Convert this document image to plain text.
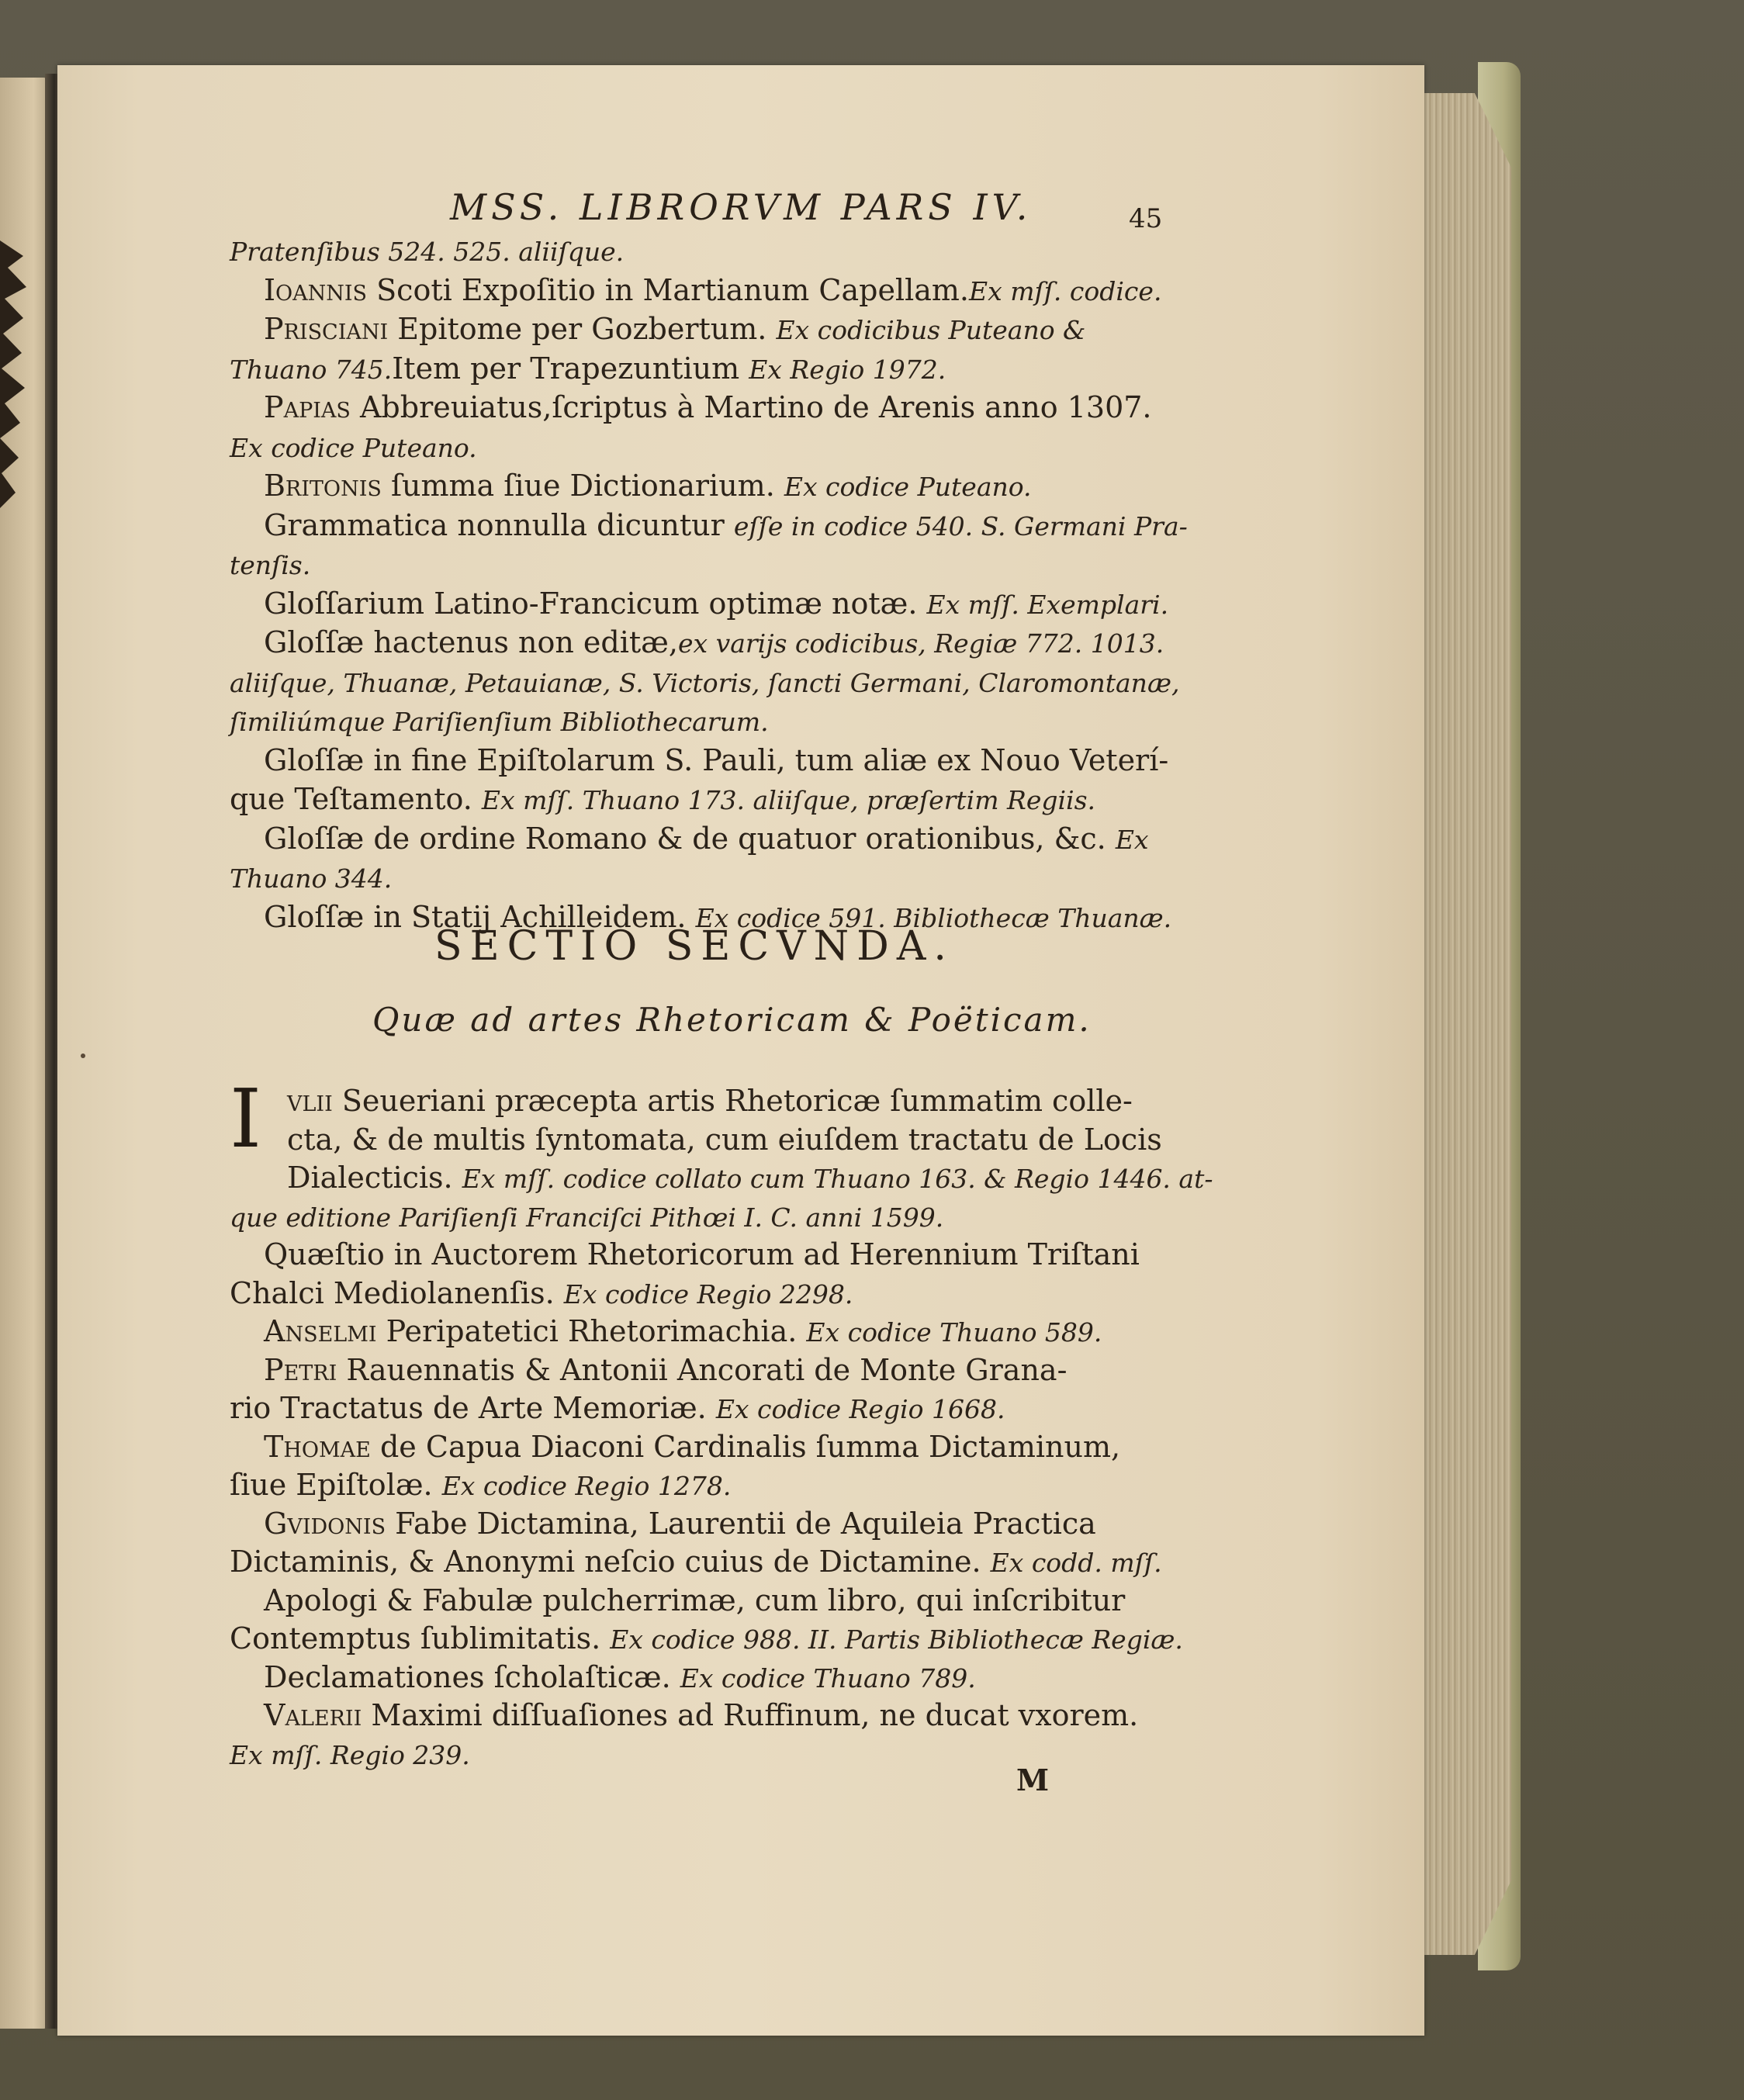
MSS. LIBRORVM PARS IV.	45
Pratenſibus 524. 525. aliiſque.
Ioannis Scoti Expoſitio in Martianum Capellam.Ex mſſ. codice.
Prisciani Epitome per Gozbertum. Ex codicibus Puteano &
Thuano 745.Item per Trapezuntium Ex Regio 1972.
Papias Abbreuiatus,ſcriptus à Martino de Arenis anno 1307.
Ex codice Puteano.
Britonis ſumma ſiue Dictionarium. Ex codice Puteano.
Grammatica nonnulla dicuntur eſſe in codice 540. S. Germani Pra-
tenſis.
Gloſſarium Latino-Francicum optimæ notæ. Ex mſſ. Exemplari.
Gloſſæ hactenus non editæ,ex varijs codicibus, Regiæ 772. 1013.
aliiſque, Thuanæ, Petauianæ, S. Victoris, ſancti Germani, Claromontanæ,
ſimiliúmque Pariſienſium Bibliothecarum.
Gloſſæ in fine Epiſtolarum S. Pauli, tum aliæ ex Nouo Veterí-
que Teſtamento. Ex mſſ. Thuano 173. aliiſque, præſertim Regiis.
Gloſſæ de ordine Romano & de quatuor orationibus, &c. Ex
Thuano 344.
Gloſſæ in Statij Achilleidem. Ex codice 591. Bibliothecæ Thuanæ.
SECTIO SECVNDA.
Quæ ad artes Rhetoricam & Poëticam.
I vlii Seueriani præcepta artis Rhetoricæ ſummatim colle-
cta, & de multis ſyntomata, cum eiuſdem tractatu de Locis
Dialecticis. Ex mſſ. codice collato cum Thuano 163. & Regio 1446. at-
que editione Pariſienſi Franciſci Pithœi I. C. anni 1599.
Quæſtio in Auctorem Rhetoricorum ad Herennium Triſtani
Chalci Mediolanenſis. Ex codice Regio 2298.
Anselmi Peripatetici Rhetorimachia. Ex codice Thuano 589.
Petri Rauennatis & Antonii Ancorati de Monte Grana-
rio Tractatus de Arte Memoriæ. Ex codice Regio 1668.
Thomae de Capua Diaconi Cardinalis ſumma Dictaminum,
ſiue Epiſtolæ. Ex codice Regio 1278.
Gvidonis Fabe Dictamina, Laurentii de Aquileia Practica
Dictaminis, & Anonymi neſcio cuius de Dictamine. Ex codd. mſſ.
Apologi & Fabulæ pulcherrimæ, cum libro, qui inſcribitur
Contemptus ſublimitatis. Ex codice 988. II. Partis Bibliothecæ Regiæ.
Declamationes ſcholaſticæ. Ex codice Thuano 789.
Valerii Maximi diſſuaſiones ad Ruffinum, ne ducat vxorem.
Ex mſſ. Regio 239.
M
